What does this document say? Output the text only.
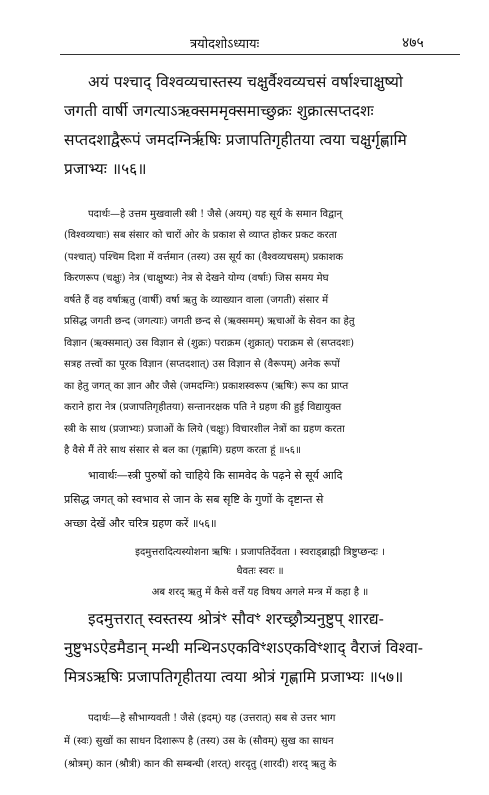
त्रयोदशोऽध्यायः	४७५
अयं पश्चाद् विश्वव्यचास्तस्य चक्षुर्वैश्वव्यचसं वर्षाश्चाक्षुष्यो
जगती वार्षी जगत्याऽऋक्सममृक्समाच्छुक्रः शुक्रात्सप्तदशः
सप्तदशाद्वैरूपं जमदग्निर्ऋषिः प्रजापतिगृहीतया त्वया चक्षुर्गृह्णामि
प्रजाभ्यः ॥५६॥
पदार्थः—हे उत्तम मुखवाली स्त्री ! जैसे (अयम्) यह सूर्य के समान विद्वान्
(विश्वव्यचाः) सब संसार को चारों ओर के प्रकाश से व्याप्त होकर प्रकट करता
(पश्चात्) पश्चिम दिशा में वर्त्तमान (तस्य) उस सूर्य का (वैश्वव्यचसम्) प्रकाशक
किरणरूप (चक्षुः) नेत्र (चाक्षुष्यः) नेत्र से देखने योग्य (वर्षाः) जिस समय मेघ
वर्षते हैं वह वर्षाऋतु (वार्षी) वर्षा ऋतु के व्याख्यान वाला (जगती) संसार में
प्रसिद्ध जगती छन्द (जगत्याः) जगती छन्द से (ऋक्समम्) ऋचाओं के सेवन का हेतु
विज्ञान (ऋक्समात्) उस विज्ञान से (शुक्रः) पराक्रम (शुक्रात्) पराक्रम से (सप्तदशः)
सत्रह तत्त्वों का पूरक विज्ञान (सप्तदशात्) उस विज्ञान से (वैरूपम्) अनेक रूपों
का हेतु जगत् का ज्ञान और जैसे (जमदग्निः) प्रकाशस्वरूप (ऋषिः) रूप का प्राप्त
कराने हारा नेत्र (प्रजापतिगृहीतया) सन्तानरक्षक पति ने ग्रहण की हुई विद्यायुक्त
स्त्री के साथ (प्रजाभ्यः) प्रजाओं के लिये (चक्षुः) विचारशील नेत्रों का ग्रहण करता
है वैसे मैं तेरे साथ संसार से बल का (गृह्णामि) ग्रहण करता हूं ॥५६॥
भावार्थः—स्त्री पुरुषों को चाहिये कि सामवेद के पढ़ने से सूर्य आदि
प्रसिद्ध जगत् को स्वभाव से जान के सब सृष्टि के गुणों के दृष्टान्त से
अच्छा देखें और चरित्र ग्रहण करें ॥५६॥
इदमुत्तरादित्यस्योशना ऋषिः । प्रजापतिर्देवता । स्वराड्ब्राह्मी त्रिष्टुप्छन्दः ।
धैवतः स्वरः ॥
अब शरद् ऋतु में कैसे वर्त्तें यह विषय अगले मन्त्र में कहा है ॥
इदमुत्तरात् स्वस्तस्य श्रोत्रंꣳ सौवꣳ शरच्छ्रौत्र्यनुष्टुप् शारद्य-
नुष्टुभऽऐडमैडान् मन्थी मन्थिनऽएकविꣳशऽएकविꣳशाद् वैराजं विश्वा-
मित्रऽऋषिः प्रजापतिगृहीतया त्वया श्रोत्रं गृह्णामि प्रजाभ्यः ॥५७॥
पदार्थः—हे सौभाग्यवती ! जैसे (इदम्) यह (उत्तरात्) सब से उत्तर भाग
में (स्वः) सुखों का साधन दिशारूप है (तस्य) उस के (सौवम्) सुख का साधन
(श्रोत्रम्) कान (श्रौत्री) कान की सम्बन्धी (शरत्) शरदृतु (शारदी) शरद् ऋतु के
